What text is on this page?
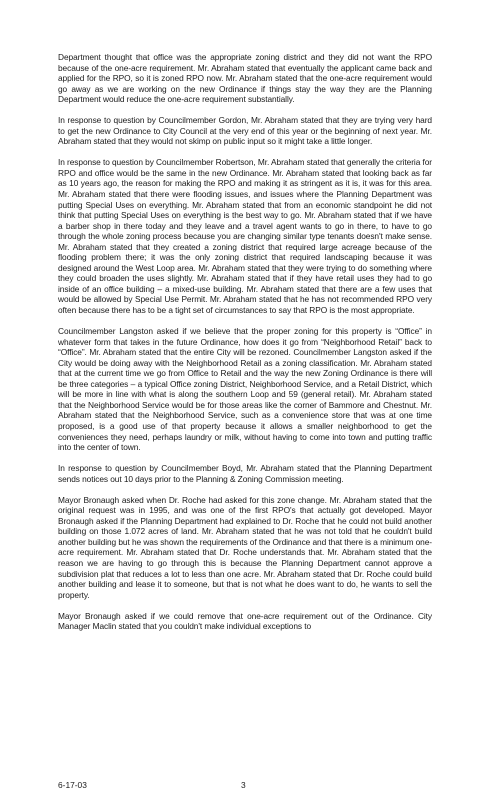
Department thought that office was the appropriate zoning district and they did not want the RPO because of the one-acre requirement. Mr. Abraham stated that eventually the applicant came back and applied for the RPO, so it is zoned RPO now. Mr. Abraham stated that the one-acre requirement would go away as we are working on the new Ordinance if things stay the way they are the Planning Department would reduce the one-acre requirement substantially.

In response to question by Councilmember Gordon, Mr. Abraham stated that they are trying very hard to get the new Ordinance to City Council at the very end of this year or the beginning of next year. Mr. Abraham stated that they would not skimp on public input so it might take a little longer.

In response to question by Councilmember Robertson, Mr. Abraham stated that generally the criteria for RPO and office would be the same in the new Ordinance. Mr. Abraham stated that looking back as far as 10 years ago, the reason for making the RPO and making it as stringent as it is, it was for this area. Mr. Abraham stated that there were flooding issues, and issues where the Planning Department was putting Special Uses on everything. Mr. Abraham stated that from an economic standpoint he did not think that putting Special Uses on everything is the best way to go. Mr. Abraham stated that if we have a barber shop in there today and they leave and a travel agent wants to go in there, to have to go through the whole zoning process because you are changing similar type tenants doesn't make sense. Mr. Abraham stated that they created a zoning district that required large acreage because of the flooding problem there; it was the only zoning district that required landscaping because it was designed around the West Loop area. Mr. Abraham stated that they were trying to do something where they could broaden the uses slightly. Mr. Abraham stated that if they have retail uses they had to go inside of an office building – a mixed-use building. Mr. Abraham stated that there are a few uses that would be allowed by Special Use Permit. Mr. Abraham stated that he has not recommended RPO very often because there has to be a tight set of circumstances to say that RPO is the most appropriate.

Councilmember Langston asked if we believe that the proper zoning for this property is “Office” in whatever form that takes in the future Ordinance, how does it go from “Neighborhood Retail” back to “Office”. Mr. Abraham stated that the entire City will be rezoned. Councilmember Langston asked if the City would be doing away with the Neighborhood Retail as a zoning classification. Mr. Abraham stated that at the current time we go from Office to Retail and the way the new Zoning Ordinance is there will be three categories – a typical Office zoning District, Neighborhood Service, and a Retail District, which will be more in line with what is along the southern Loop and 59 (general retail). Mr. Abraham stated that the Neighborhood Service would be for those areas like the corner of Bammore and Chestnut. Mr. Abraham stated that the Neighborhood Service, such as a convenience store that was at one time proposed, is a good use of that property because it allows a smaller neighborhood to get the conveniences they need, perhaps laundry or milk, without having to come into town and putting traffic into the center of town.

In response to question by Councilmember Boyd, Mr. Abraham stated that the Planning Department sends notices out 10 days prior to the Planning & Zoning Commission meeting.

Mayor Bronaugh asked when Dr. Roche had asked for this zone change. Mr. Abraham stated that the original request was in 1995, and was one of the first RPO's that actually got developed. Mayor Bronaugh asked if the Planning Department had explained to Dr. Roche that he could not build another building on those 1.072 acres of land. Mr. Abraham stated that he was not told that he couldn't build another building but he was shown the requirements of the Ordinance and that there is a minimum one-acre requirement. Mr. Abraham stated that Dr. Roche understands that. Mr. Abraham stated that the reason we are having to go through this is because the Planning Department cannot approve a subdivision plat that reduces a lot to less than one acre. Mr. Abraham stated that Dr. Roche could build another building and lease it to someone, but that is not what he does want to do, he wants to sell the property.

Mayor Bronaugh asked if we could remove that one-acre requirement out of the Ordinance. City Manager Maclin stated that you couldn't make individual exceptions to

6-17-03	3
